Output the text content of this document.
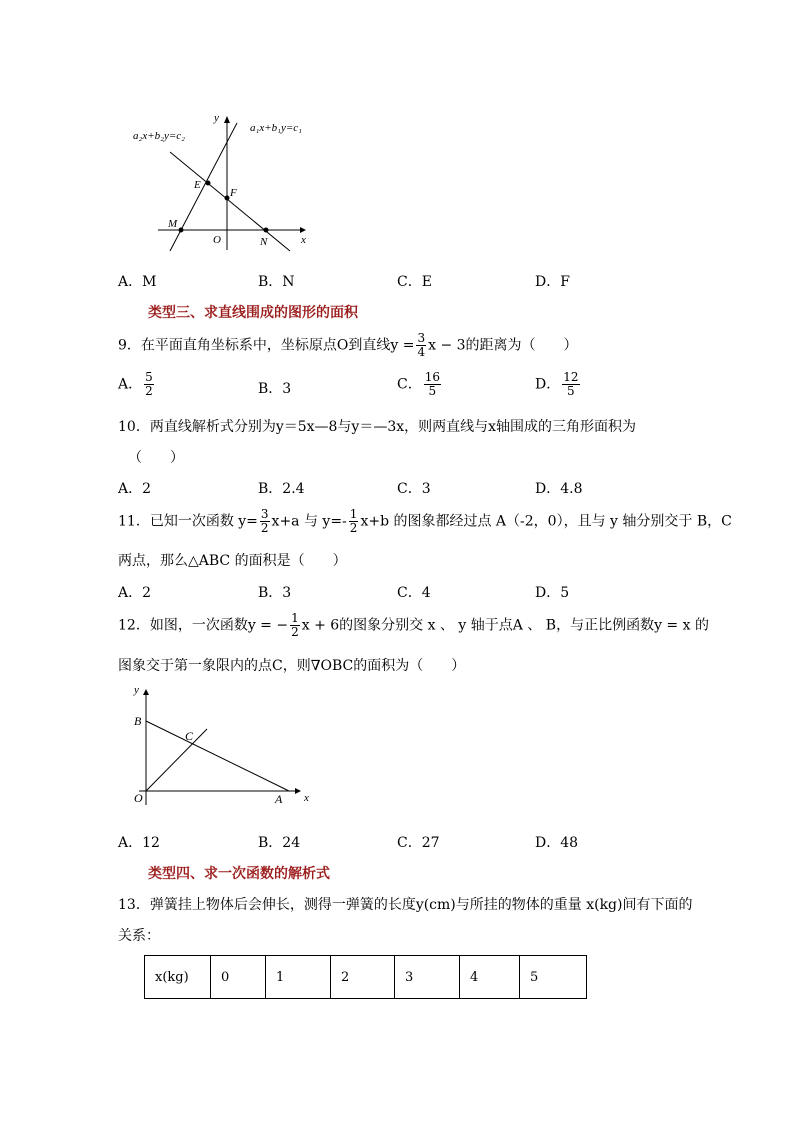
y
a₁x+b₁y=c₁
a₂x+b₂y=c₂
E
F
M
O	N	x
A．M	B．N	C．E	D．F
类型三、求直线围成的图形的面积
9．在平面直角坐标系中，坐标原点O到直线$y = \frac{3}{4}$ x − 3的距离为（　　）
A． $\frac{5}{2}$	B．3	C． $\frac{16}{5}$	D． $\frac{12}{5}$
10．两直线解析式分别为y＝5x—8与y＝—3x，则两直线与x轴围成的三角形面积为
（　　）
A．2	B．2.4	C．3	D．4.8
11．已知一次函数 $y= \frac{3}{2} x+a$ 与 $y=- \frac{1}{2} x+b$ 的图象都经过点 A（-2，0），且与 y 轴分别交于 B，C
两点，那么△ABC 的面积是（　　）
A．2	B．3	C．4	D．5
12．如图，一次函数y = − $\frac{1}{2}$ x + 6的图象分别交 x 、 y 轴于点A 、 B，与正比例函数y = x 的
图象交于第一象限内的点C，则∇OBC的面积为（　　）
y
B
C
O	A x
A．12	B．24	C．27	D．48
类型四、求一次函数的解析式
13．弹簧挂上物体后会伸长，测得一弹簧的长度y(cm)与所挂的物体的重量 x(kg)间有下面的
关系：
x(kg)	0	1	2	3	4	5
